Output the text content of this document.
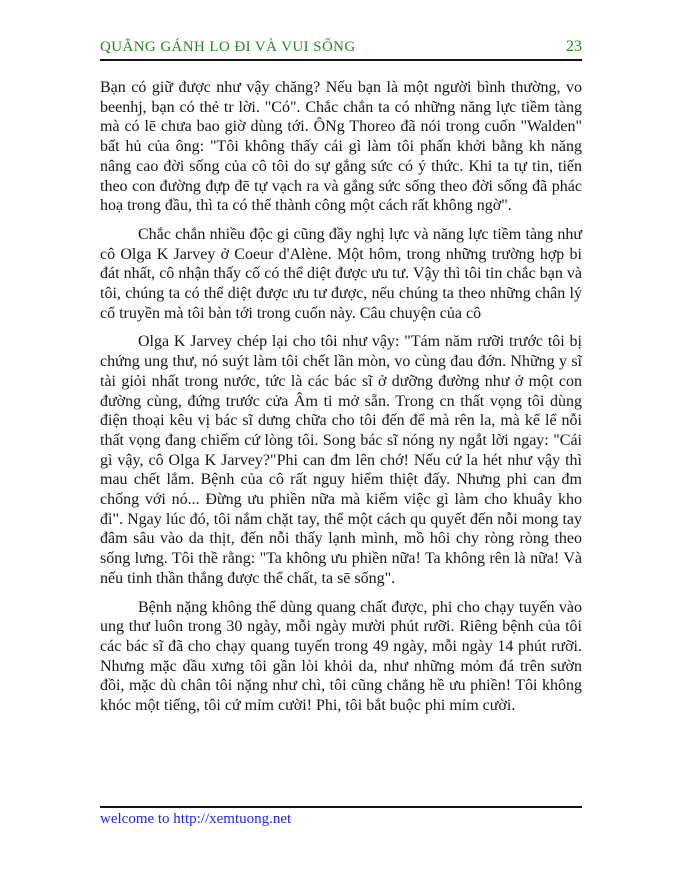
QUẲNG GÁNH LO ĐI VÀ VUI SỐNG	23

Bạn có giữ được như vậy chăng? Nếu bạn là một người bình thường, vo beenhj, bạn có thẻ tr lời. "Có". Chắc chắn ta có những năng lực tiềm tàng mà có lē chưa bao giờ dùng tới. ÔNg Thoreo đã nói trong cuốn "Walden" bất hủ của ông: "Tôi không thấy cái gì làm tôi phấn khởi bằng kh năng nâng cao đời sống của cô tôi do sự gắng sức có ý thức. Khi ta tự tin, tiến theo con đường đựp đē tự vạch ra và gắng sức sống theo đời sống đã phác hoạ trong đầu, thì ta có thể thành công một cách rất không ngờ".

Chắc chắn nhiều độc gi cũng đầy nghị lực và năng lực tiềm tàng như cô Olga K Jarvey ở Coeur d'Alène. Một hôm, trong những trường hợp bi đát nhất, cô nhận thấy cố có thể diệt được ưu tư. Vậy thì tôi tin chắc bạn và tôi, chúng ta có thể diệt được ưu tư được, nếu chúng ta theo những chân lý cổ truyền mà tôi bàn tới trong cuốn này. Câu chuyện của cô

Olga K Jarvey chép lại cho tôi như vậy: "Tám năm rưỡi trước tôi bị chứng ung thư, nó suýt làm tôi chết lần mòn, vo cùng đau đớn. Những y sĩ tài giỏi nhất trong nước, tức là các bác sĩ ở dưỡng đường như ở một con đường cùng, đứng trước cửa Âm ti mở sẵn. Trong cn thất vọng tôi dùng điện thoại kêu vị bác sĩ dưng chữa cho tôi đến để mà rên la, mà kể lể nỗi thất vọng đang chiếm cứ lòng tôi. Song bác sĩ nóng ny ngắt lời ngay: "Cái gì vậy, cô Olga K Jarvey?"Phi can đm lên chớ! Nếu cứ la hét như vậy thì mau chết lắm. Bệnh của cô rất nguy hiểm thiệt đấy. Nhưng phi can đm chống với nó... Đừng ưu phiền nữa mà kiếm việc gì làm cho khuây kho đi". Ngay lúc đó, tôi nắm chặt tay, thể một cách qu quyết đến nỗi mong tay đâm sâu vào da thịt, đến nỗi thấy lạnh mình, mồ hôi chy ròng ròng theo sống lưng. Tôi thề rằng: "Ta không ưu phiền nữa! Ta không rên là nữa! Và nếu tinh thần thắng được thể chất, ta sē sống".

Bệnh nặng không thể dùng quang chất được, phi cho chạy tuyến vào ung thư luôn trong 30 ngày, mỗi ngày mười phút rưỡi. Riêng bệnh của tôi các bác sĩ đã cho chạy quang tuyến trong 49 ngày, mỗi ngày 14 phút rưỡi. Nhưng mặc dầu xưng tôi gần lòi khỏi da, như những mỏm đá trên sườn đồi, mặc dù chân tôi nặng như chì, tôi cũng chẳng hề ưu phiền! Tôi không khóc một tiếng, tôi cứ mỉm cười! Phi, tôi bắt buộc phi mỉm cười.

welcome to http://xemtuong.net
